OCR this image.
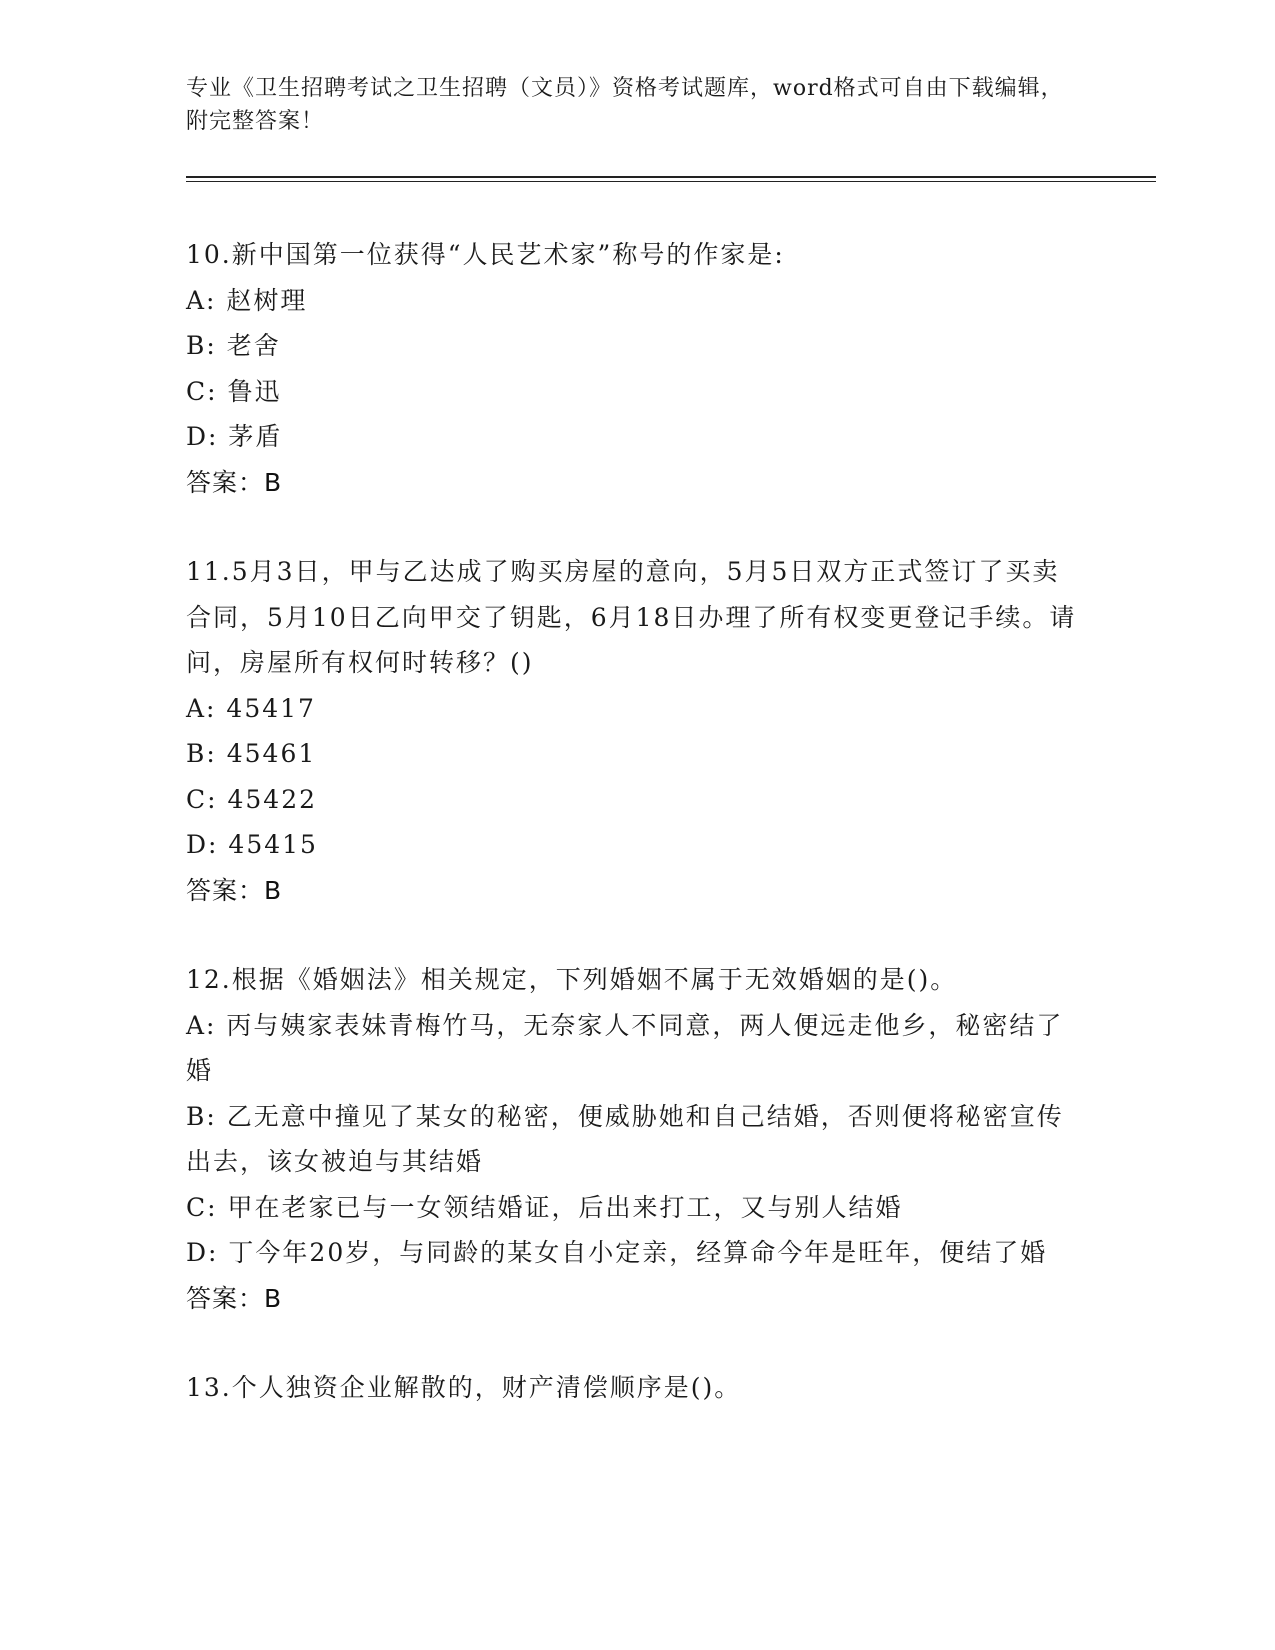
专业《卫生招聘考试之卫生招聘（文员）》资格考试题库，word格式可自由下载编辑，附完整答案！
10.新中国第一位获得“人民艺术家”称号的作家是:
A: 赵树理
B: 老舍
C: 鲁迅
D: 茅盾
答案：B
11.5月3日，甲与乙达成了购买房屋的意向，5月5日双方正式签订了买卖合同，5月10日乙向甲交了钥匙，6月18日办理了所有权变更登记手续。请问，房屋所有权何时转移？()
A: 45417
B: 45461
C: 45422
D: 45415
答案：B
12.根据《婚姻法》相关规定，下列婚姻不属于无效婚姻的是()。
A: 丙与姨家表妹青梅竹马，无奈家人不同意，两人便远走他乡，秘密结了婚
B: 乙无意中撞见了某女的秘密，便威胁她和自己结婚，否则便将秘密宣传出去，该女被迫与其结婚
C: 甲在老家已与一女领结婚证，后出来打工，又与别人结婚
D: 丁今年20岁，与同龄的某女自小定亲，经算命今年是旺年，便结了婚
答案：B
13.个人独资企业解散的，财产清偿顺序是()。
